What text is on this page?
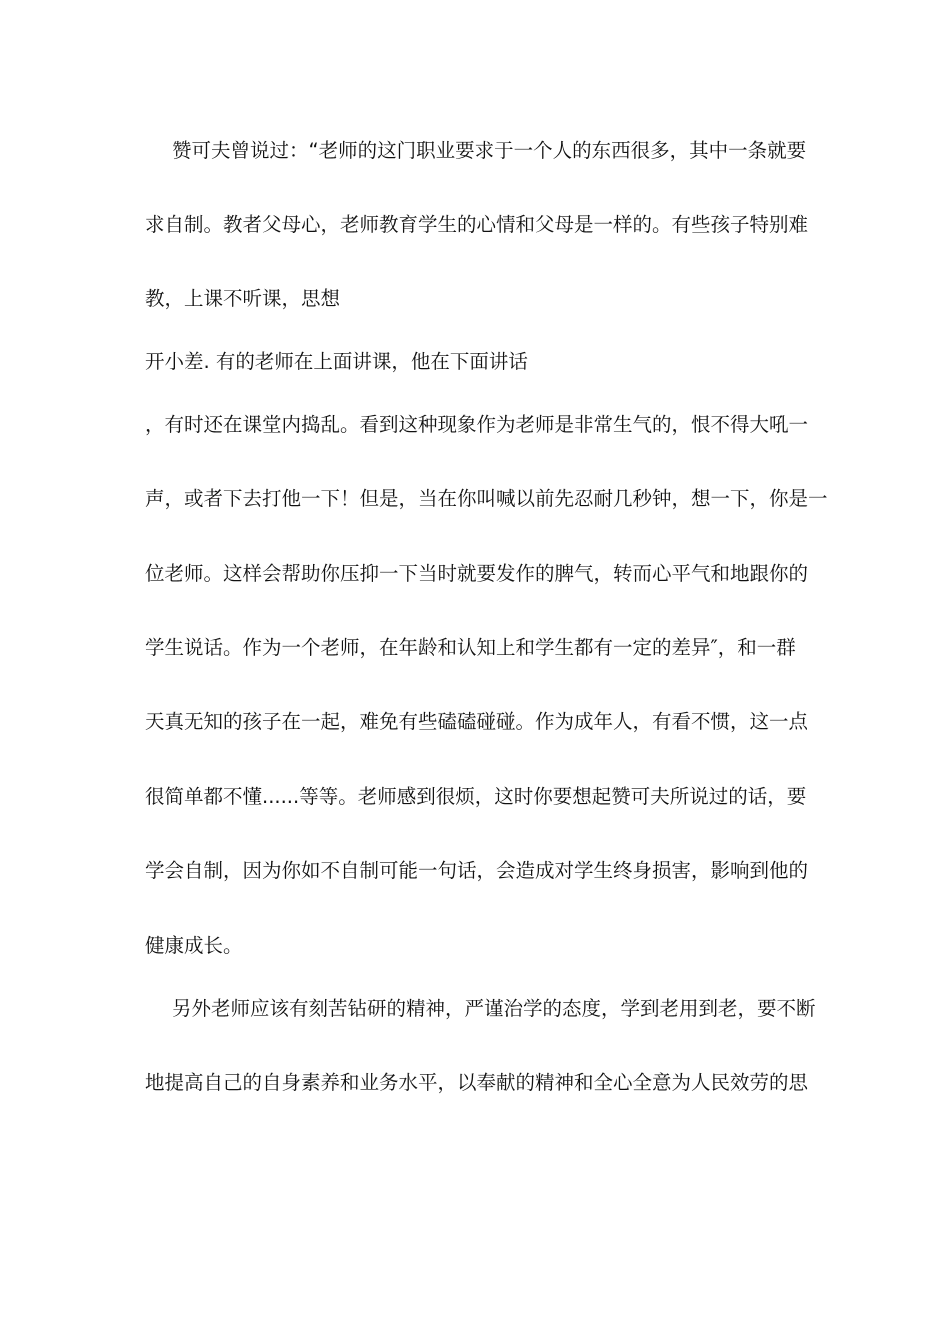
赞可夫曾说过：“老师的这门职业要求于一个人的东西很多，其中一条就要
求自制。教者父母心，老师教育学生的心情和父母是一样的。有些孩子特别难
教，上课不听课，思想
开小差. 有的老师在上面讲课，他在下面讲话
，有时还在课堂内捣乱。看到这种现象作为老师是非常生气的，恨不得大吼一
声，或者下去打他一下！但是，当在你叫喊以前先忍耐几秒钟，想一下，你是一
位老师。这样会帮助你压抑一下当时就要发作的脾气，转而心平气和地跟你的
学生说话。作为一个老师，在年龄和认知上和学生都有一定的差异″，和一群
天真无知的孩子在一起，难免有些磕磕碰碰。作为成年人，有看不惯，这一点
很简单都不懂......等等。老师感到很烦，这时你要想起赞可夫所说过的话，要
学会自制，因为你如不自制可能一句话，会造成对学生终身损害，影响到他的
健康成长。
另外老师应该有刻苦钻研的精神，严谨治学的态度，学到老用到老，要不断
地提高自己的自身素养和业务水平，以奉献的精神和全心全意为人民效劳的思
